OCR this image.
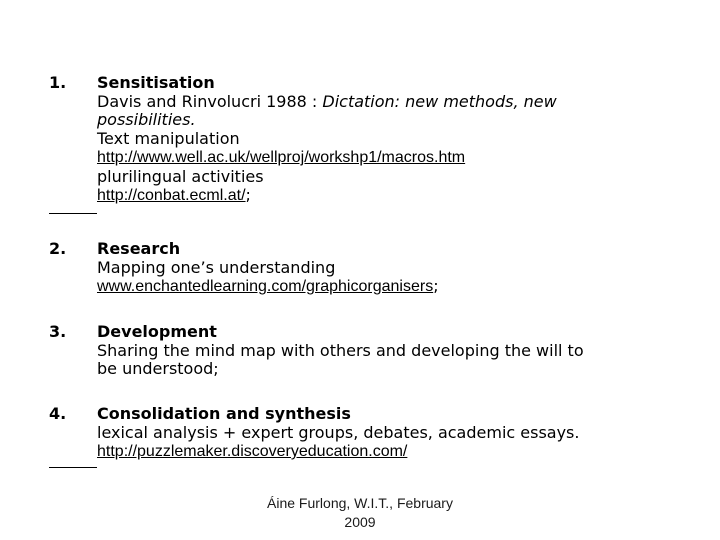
1. Sensitisation
Davis and Rinvolucri 1988 : Dictation: new methods, new
possibilities.
Text manipulation
http://www.well.ac.uk/wellproj/workshp1/macros.htm
plurilingual activities
http://conbat.ecml.at/;
2. Research
Mapping one’s understanding
www.enchantedlearning.com/graphicorganisers;
3. Development
Sharing the mind map with others and developing the will to
be understood;
4. Consolidation and synthesis
lexical analysis + expert groups, debates, academic essays.
http://puzzlemaker.discoveryeducation.com/
Áine Furlong, W.I.T., February
2009
